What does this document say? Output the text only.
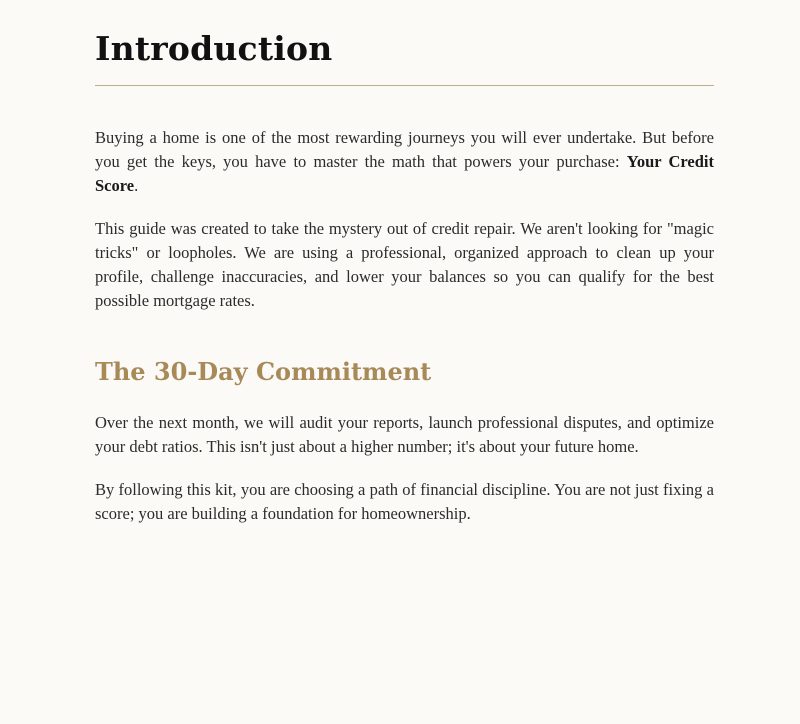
Introduction

Buying a home is one of the most rewarding journeys you will ever undertake. But before you get the keys, you have to master the math that powers your purchase: Your Credit Score.

This guide was created to take the mystery out of credit repair. We aren't looking for "magic tricks" or loopholes. We are using a professional, organized approach to clean up your profile, challenge inaccuracies, and lower your balances so you can qualify for the best possible mortgage rates.

The 30-Day Commitment

Over the next month, we will audit your reports, launch professional disputes, and optimize your debt ratios. This isn't just about a higher number; it's about your future home.

By following this kit, you are choosing a path of financial discipline. You are not just fixing a score; you are building a foundation for homeownership.
